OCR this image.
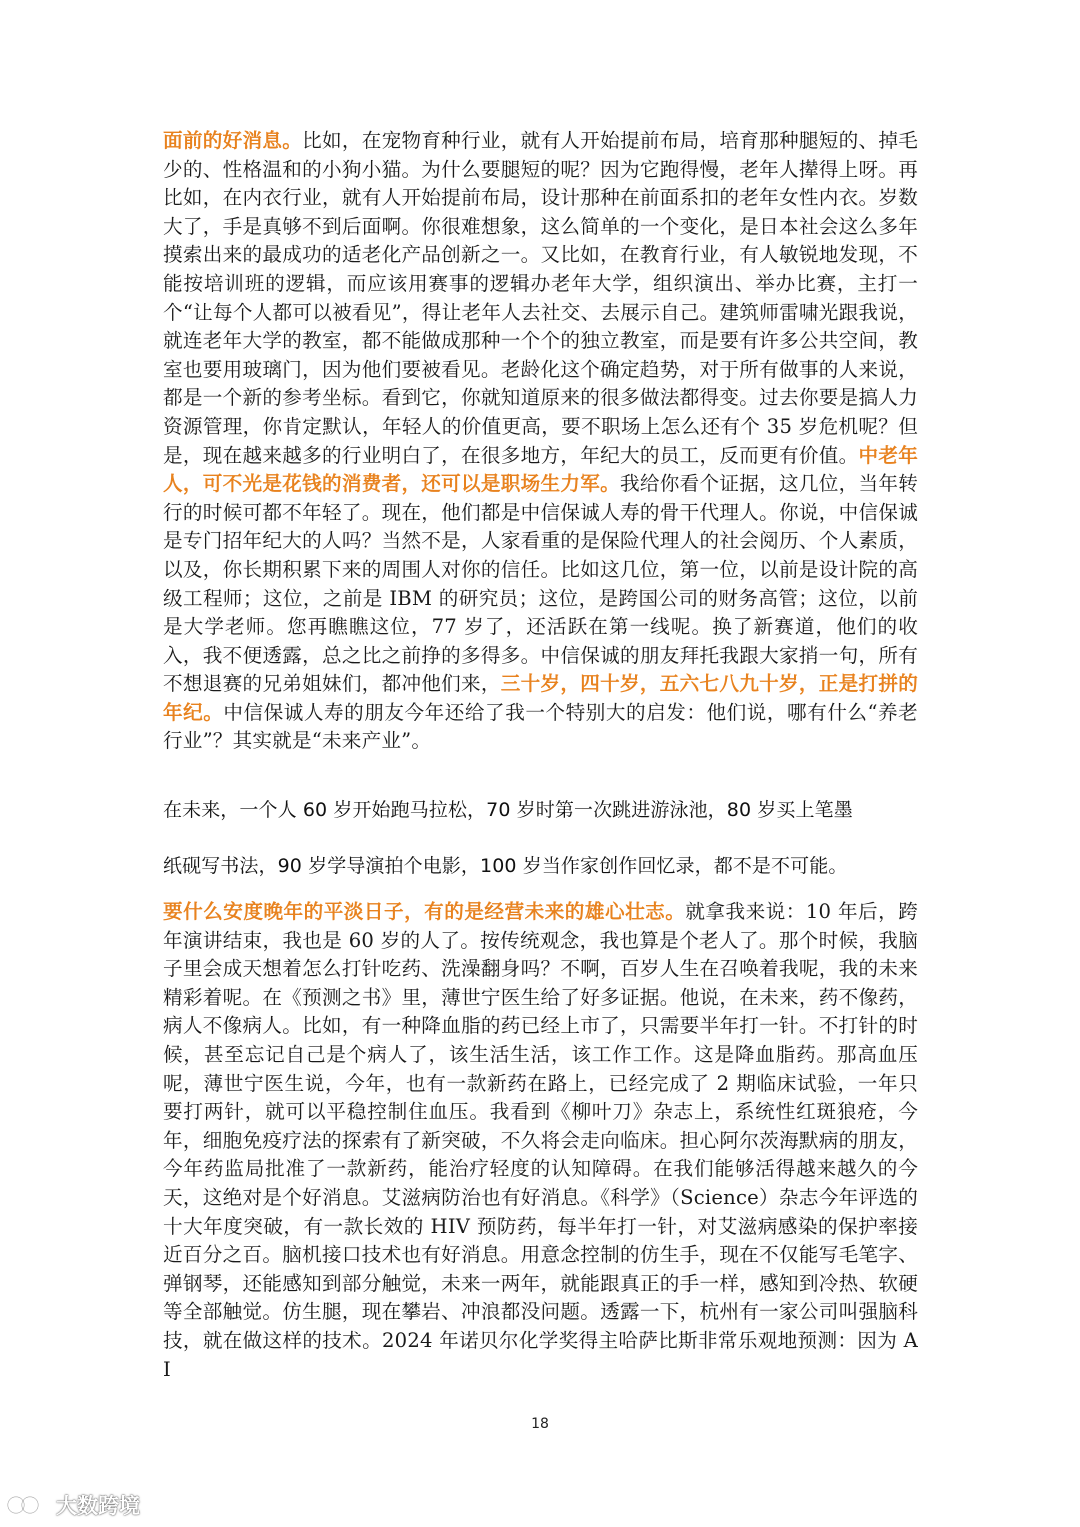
面前的好消息。比如，在宠物育种行业，就有人开始提前布局，培育那种腿短的、掉毛少的、性格温和的小狗小猫。为什么要腿短的呢？因为它跑得慢，老年人撵得上呀。再比如，在内衣行业，就有人开始提前布局，设计那种在前面系扣的老年女性内衣。岁数大了，手是真够不到后面啊。你很难想象，这么简单的一个变化，是日本社会这么多年摸索出来的最成功的适老化产品创新之一。又比如，在教育行业，有人敏锐地发现，不能按培训班的逻辑，而应该用赛事的逻辑办老年大学，组织演出、举办比赛，主打一个“让每个人都可以被看见”，得让老年人去社交、去展示自己。建筑师雷啸光跟我说，就连老年大学的教室，都不能做成那种一个个的独立教室，而是要有许多公共空间，教室也要用玻璃门，因为他们要被看见。老龄化这个确定趋势，对于所有做事的人来说，都是一个新的参考坐标。看到它，你就知道原来的很多做法都得变。过去你要是搞人力资源管理，你肯定默认，年轻人的价值更高，要不职场上怎么还有个 35 岁危机呢？但是，现在越来越多的行业明白了，在很多地方，年纪大的员工，反而更有价值。中老年人，可不光是花钱的消费者，还可以是职场生力军。我给你看个证据，这几位，当年转行的时候可都不年轻了。现在，他们都是中信保诚人寿的骨干代理人。你说，中信保诚是专门招年纪大的人吗？当然不是，人家看重的是保险代理人的社会阅历、个人素质，以及，你长期积累下来的周围人对你的信任。比如这几位，第一位，以前是设计院的高级工程师；这位，之前是 IBM 的研究员；这位，是跨国公司的财务高管；这位，以前是大学老师。您再瞧瞧这位，77 岁了，还活跃在第一线呢。换了新赛道，他们的收入，我不便透露，总之比之前挣的多得多。中信保诚的朋友拜托我跟大家捎一句，所有不想退赛的兄弟姐妹们，都冲他们来，三十岁，四十岁，五六七八九十岁，正是打拼的年纪。中信保诚人寿的朋友今年还给了我一个特别大的启发：他们说，哪有什么“养老行业”？其实就是“未来产业”。

在未来，一个人 60 岁开始跑马拉松，70 岁时第一次跳进游泳池，80 岁买上笔墨

纸砚写书法，90 岁学导演拍个电影，100 岁当作家创作回忆录，都不是不可能。

要什么安度晚年的平淡日子，有的是经营未来的雄心壮志。就拿我来说：10 年后，跨年演讲结束，我也是 60 岁的人了。按传统观念，我也算是个老人了。那个时候，我脑子里会成天想着怎么打针吃药、洗澡翻身吗？不啊，百岁人生在召唤着我呢，我的未来精彩着呢。在《预测之书》里，薄世宁医生给了好多证据。他说，在未来，药不像药，病人不像病人。比如，有一种降血脂的药已经上市了，只需要半年打一针。不打针的时候，甚至忘记自己是个病人了，该生活生活，该工作工作。这是降血脂药。那高血压呢，薄世宁医生说，今年，也有一款新药在路上，已经完成了 2 期临床试验，一年只要打两针，就可以平稳控制住血压。我看到《柳叶刀》杂志上，系统性红斑狼疮，今年，细胞免疫疗法的探索有了新突破，不久将会走向临床。担心阿尔茨海默病的朋友，今年药监局批准了一款新药，能治疗轻度的认知障碍。在我们能够活得越来越久的今天，这绝对是个好消息。艾滋病防治也有好消息。《科学》（Science）杂志今年评选的十大年度突破，有一款长效的 HIV 预防药，每半年打一针，对艾滋病感染的保护率接近百分之百。脑机接口技术也有好消息。用意念控制的仿生手，现在不仅能写毛笔字、弹钢琴，还能感知到部分触觉，未来一两年，就能跟真正的手一样，感知到冷热、软硬等全部触觉。仿生腿，现在攀岩、冲浪都没问题。透露一下，杭州有一家公司叫强脑科技，就在做这样的技术。2024 年诺贝尔化学奖得主哈萨比斯非常乐观地预测：因为 AI

18
大数跨境
